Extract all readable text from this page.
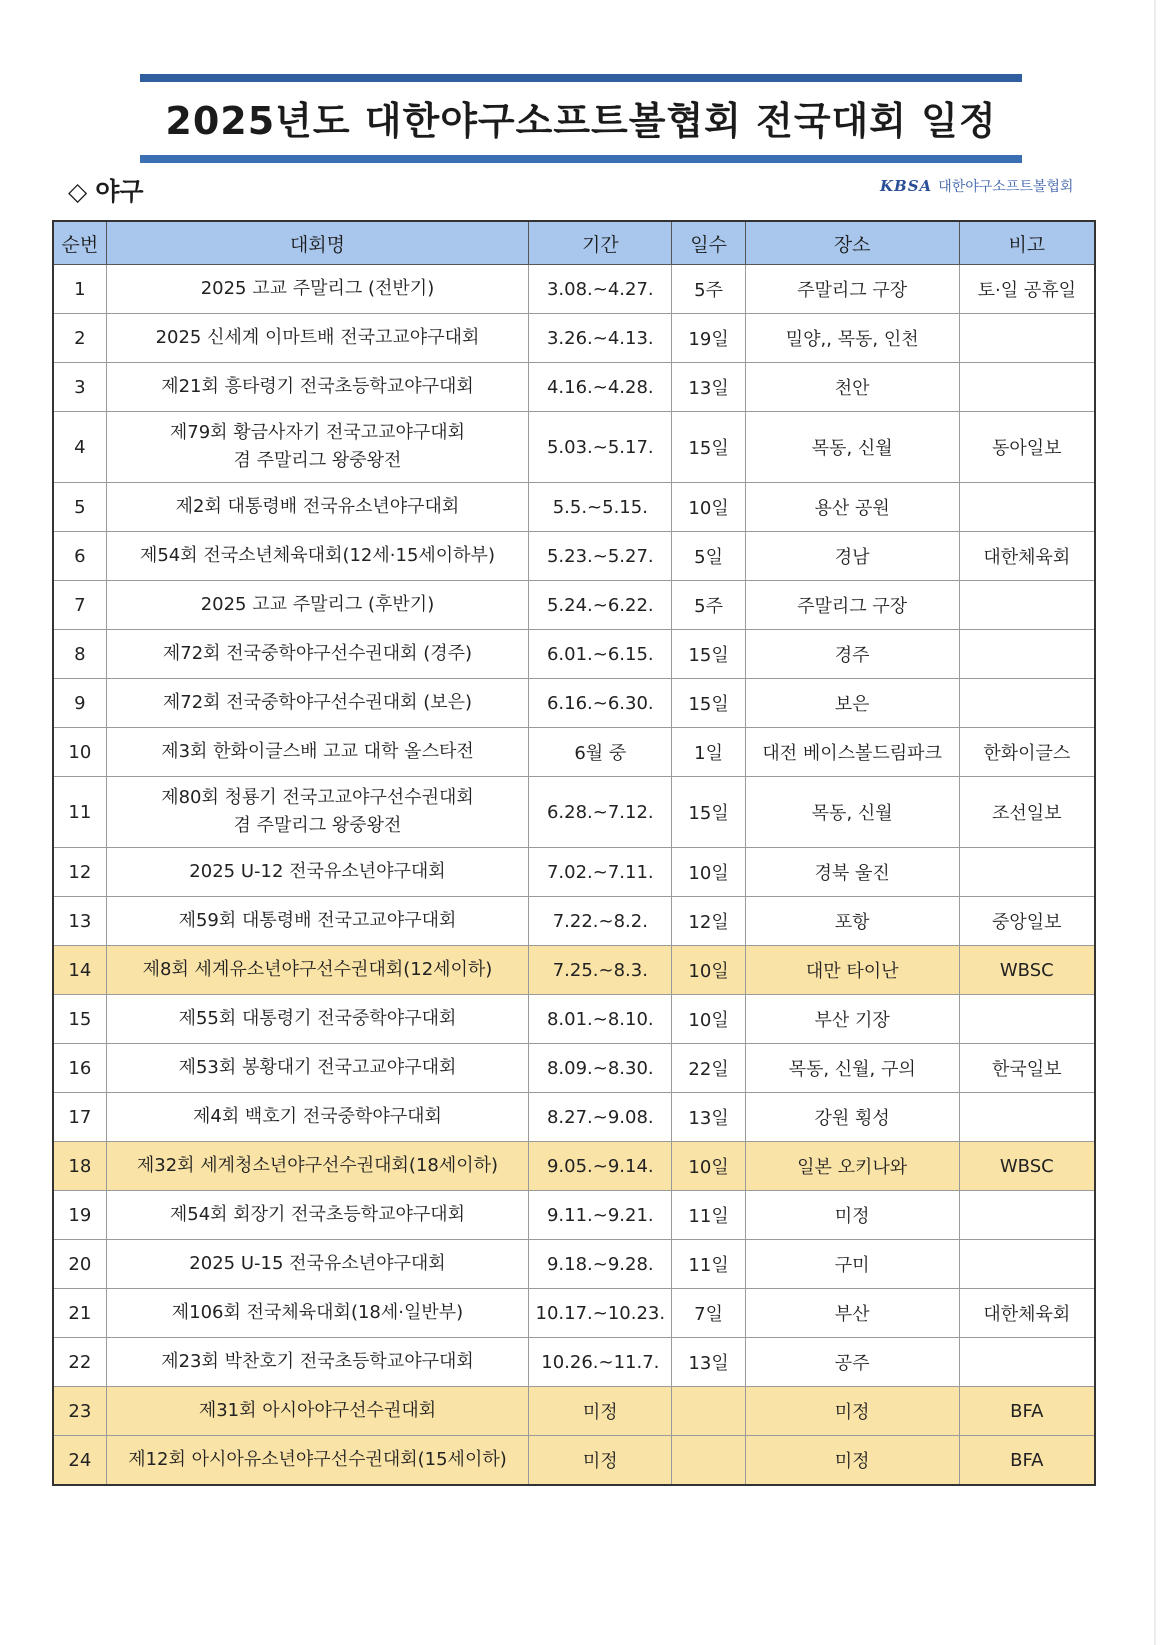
2025년도 대한야구소프트볼협회 전국대회 일정
◇ 야구	KBSA 대한야구소프트볼협회
순번	대회명	기간	일수	장소	비고
1	2025 고교 주말리그 (전반기)	3.08.~4.27.	5주	주말리그 구장	토·일 공휴일
2	2025 신세계 이마트배 전국고교야구대회	3.26.~4.13.	19일	밀양,, 목동, 인천	
3	제21회 흥타령기 전국초등학교야구대회	4.16.~4.28.	13일	천안	
4	제79회 황금사자기 전국고교야구대회
겸 주말리그 왕중왕전	5.03.~5.17.	15일	목동, 신월	동아일보
5	제2회 대통령배 전국유소년야구대회	5.5.~5.15.	10일	용산 공원	
6	제54회 전국소년체육대회(12세·15세이하부)	5.23.~5.27.	5일	경남	대한체육회
7	2025 고교 주말리그 (후반기)	5.24.~6.22.	5주	주말리그 구장	
8	제72회 전국중학야구선수권대회 (경주)	6.01.~6.15.	15일	경주	
9	제72회 전국중학야구선수권대회 (보은)	6.16.~6.30.	15일	보은	
10	제3회 한화이글스배 고교 대학 올스타전	6월 중	1일	대전 베이스볼드림파크	한화이글스
11	제80회 청룡기 전국고교야구선수권대회
겸 주말리그 왕중왕전	6.28.~7.12.	15일	목동, 신월	조선일보
12	2025 U-12 전국유소년야구대회	7.02.~7.11.	10일	경북 울진	
13	제59회 대통령배 전국고교야구대회	7.22.~8.2.	12일	포항	중앙일보
14	제8회 세계유소년야구선수권대회(12세이하)	7.25.~8.3.	10일	대만 타이난	WBSC
15	제55회 대통령기 전국중학야구대회	8.01.~8.10.	10일	부산 기장	
16	제53회 봉황대기 전국고교야구대회	8.09.~8.30.	22일	목동, 신월, 구의	한국일보
17	제4회 백호기 전국중학야구대회	8.27.~9.08.	13일	강원 횡성	
18	제32회 세계청소년야구선수권대회(18세이하)	9.05.~9.14.	10일	일본 오키나와	WBSC
19	제54회 회장기 전국초등학교야구대회	9.11.~9.21.	11일	미정	
20	2025 U-15 전국유소년야구대회	9.18.~9.28.	11일	구미	
21	제106회 전국체육대회(18세·일반부)	10.17.~10.23.	7일	부산	대한체육회
22	제23회 박찬호기 전국초등학교야구대회	10.26.~11.7.	13일	공주	
23	제31회 아시아야구선수권대회	미정		미정	BFA
24	제12회 아시아유소년야구선수권대회(15세이하)	미정		미정	BFA
